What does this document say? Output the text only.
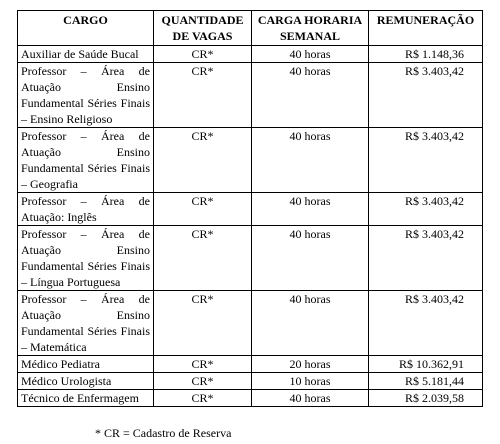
CARGO	QUANTIDADE DE VAGAS	CARGA HORARIA SEMANAL	REMUNERAÇÃO
Auxiliar de Saúde Bucal	CR*	40 horas	R$ 1.148,36
Professor – Área de Atuação Ensino Fundamental Séries Finais – Ensino Religioso	CR*	40 horas	R$ 3.403,42
Professor – Área de Atuação Ensino Fundamental Séries Finais – Geografia	CR*	40 horas	R$ 3.403,42
Professor – Área de Atuação: Inglês	CR*	40 horas	R$ 3.403,42
Professor – Área de Atuação Ensino Fundamental Séries Finais – Língua Portuguesa	CR*	40 horas	R$ 3.403,42
Professor – Área de Atuação Ensino Fundamental Séries Finais – Matemática	CR*	40 horas	R$ 3.403,42
Médico Pediatra	CR*	20 horas	R$ 10.362,91
Médico Urologista	CR*	10 horas	R$ 5.181,44
Técnico de Enfermagem	CR*	40 horas	R$ 2.039,58
* CR = Cadastro de Reserva
